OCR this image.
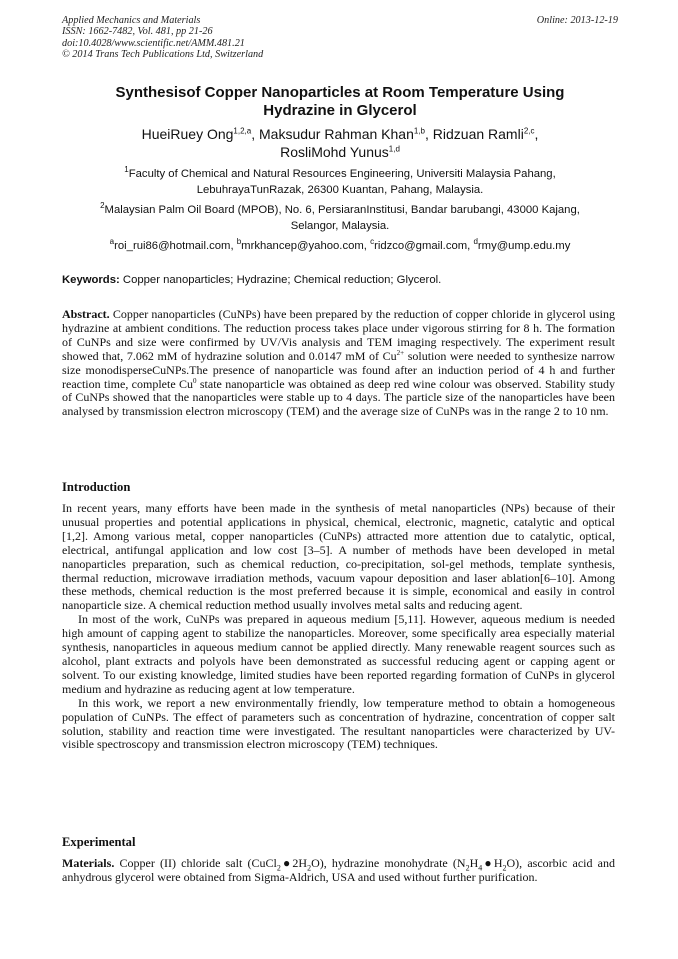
Applied Mechanics and Materials
ISSN: 1662-7482, Vol. 481, pp 21-26
doi:10.4028/www.scientific.net/AMM.481.21
© 2014 Trans Tech Publications Ltd, Switzerland
Online: 2013-12-19
Synthesisof Copper Nanoparticles at Room Temperature Using
Hydrazine in Glycerol
HueiRuey Ong$^{1,2,a}$, Maksudur Rahman Khan$^{1,b}$, Ridzuan Ramli$^{2,c}$,
RosliMohd Yunus$^{1,d}$
$^1$Faculty of Chemical and Natural Resources Engineering, Universiti Malaysia Pahang,
LebuhrayaTunRazak, 26300 Kuantan, Pahang, Malaysia.
$^2$Malaysian Palm Oil Board (MPOB), No. 6, PersiaranInstitusi, Bandar barubangi, 43000 Kajang,
Selangor, Malaysia.
$^a$roi_rui86@hotmail.com, $^b$mrkhancep@yahoo.com, $^c$ridzco@gmail.com, $^d$rmy@ump.edu.my
Keywords: Copper nanoparticles; Hydrazine; Chemical reduction; Glycerol.

Abstract. Copper nanoparticles (CuNPs) have been prepared by the reduction of copper chloride in glycerol using hydrazine at ambient conditions. The reduction process takes place under vigorous stirring for 8 h. The formation of CuNPs and size were confirmed by UV/Vis analysis and TEM imaging respectively. The experiment result showed that, 7.062 mM of hydrazine solution and 0.0147 mM of $Cu^{2+}$ solution were needed to synthesize narrow size monodisperseCuNPs.The presence of nanoparticle was found after an induction period of 4 h and further reaction time, complete Cu$^0$ state nanoparticle was obtained as deep red wine colour was observed. Stability study of CuNPs showed that the nanoparticles were stable up to 4 days. The particle size of the nanoparticles have been analysed by transmission electron microscopy (TEM) and the average size of CuNPs was in the range 2 to 10 nm.

Introduction

In recent years, many efforts have been made in the synthesis of metal nanoparticles (NPs) because of their unusual properties and potential applications in physical, chemical, electronic, magnetic, catalytic and optical [1,2]. Among various metal, copper nanoparticles (CuNPs) attracted more attention due to catalytic, optical, electrical, antifungal application and low cost [3–5]. A number of methods have been developed in metal nanoparticles preparation, such as chemical reduction, co-precipitation, sol-gel methods, template synthesis, thermal reduction, microwave irradiation methods, vacuum vapour deposition and laser ablation[6–10]. Among these methods, chemical reduction is the most preferred because it is simple, economical and easily in control nanoparticle size. A chemical reduction method usually involves metal salts and reducing agent.

In most of the work, CuNPs was prepared in aqueous medium [5,11]. However, aqueous medium is needed high amount of capping agent to stabilize the nanoparticles. Moreover, some specifically area especially material synthesis, nanoparticles in aqueous medium cannot be applied directly. Many renewable reagent sources such as alcohol, plant extracts and polyols have been demonstrated as successful reducing agent or capping agent or solvent. To our existing knowledge, limited studies have been reported regarding formation of CuNPs in glycerol medium and hydrazine as reducing agent at low temperature.

In this work, we report a new environmentally friendly, low temperature method to obtain a homogeneous population of CuNPs. The effect of parameters such as concentration of hydrazine, concentration of copper salt solution, stability and reaction time were investigated. The resultant nanoparticles were characterized by UV-visible spectroscopy and transmission electron microscopy (TEM) techniques.

Experimental

Materials. Copper (II) chloride salt $(CuCl_2●2H_2O)$, hydrazine monohydrate $(N_2H_4●H_2O)$, ascorbic acid and anhydrous glycerol were obtained from Sigma-Aldrich, USA and used without further purification.
